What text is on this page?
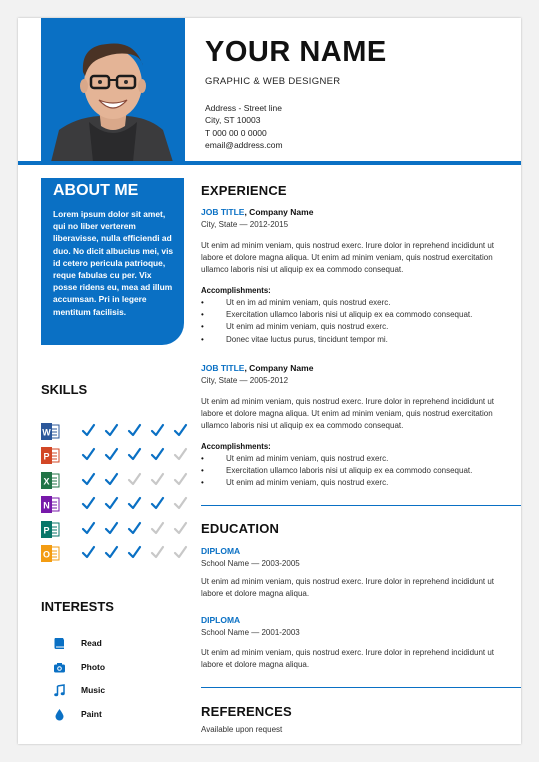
YOUR NAME
GRAPHIC & WEB DESIGNER
Address - Street line
City, ST 10003
T 000 00 0 0000
email@address.com
ABOUT ME

Lorem ipsum dolor sit amet, qui no liber verterem liberavisse, nulla efficiendi ad duo. No dicit albucius mei, vis id cetero pericula patrioque, reque fabulas cu per. Vix posse ridens eu, mea ad illum accumsan. Pri in legere mentitum facilisis.

SKILLS
W
P
X
N
P
O
INTERESTS
Read
Photo
Music
Paint
EXPERIENCE
JOB TITLE, Company Name
City, State — 2012-2015

Ut enim ad minim veniam, quis nostrud exerc. Irure dolor in reprehend incididunt ut labore et dolore magna aliqua. Ut enim ad minim veniam, quis nostrud exercitation ullamco laboris nisi ut aliquip ex ea commodo consequat.

Accomplishments:
• Ut en im ad minim veniam, quis nostrud exerc.
• Exercitation ullamco laboris nisi ut aliquip ex ea commodo consequat.
• Ut enim ad minim veniam, quis nostrud exerc.
• Donec vitae luctus purus, tincidunt tempor mi.
JOB TITLE, Company Name
City, State — 2005-2012

Ut enim ad minim veniam, quis nostrud exerc. Irure dolor in reprehend incididunt ut labore et dolore magna aliqua. Ut enim ad minim veniam, quis nostrud exercitation ullamco laboris nisi ut aliquip ex ea commodo consequat.

Accomplishments:
• Ut enim ad minim veniam, quis nostrud exerc.
• Exercitation ullamco laboris nisi ut aliquip ex ea commodo consequat.
• Ut enim ad minim veniam, quis nostrud exerc.
EDUCATION
DIPLOMA
School Name — 2003-2005

Ut enim ad minim veniam, quis nostrud exerc. Irure dolor in reprehend incididunt ut labore et dolore magna aliqua.

DIPLOMA
School Name — 2001-2003

Ut enim ad minim veniam, quis nostrud exerc. Irure dolor in reprehend incididunt ut labore et dolore magna aliqua.

REFERENCES
Available upon request
